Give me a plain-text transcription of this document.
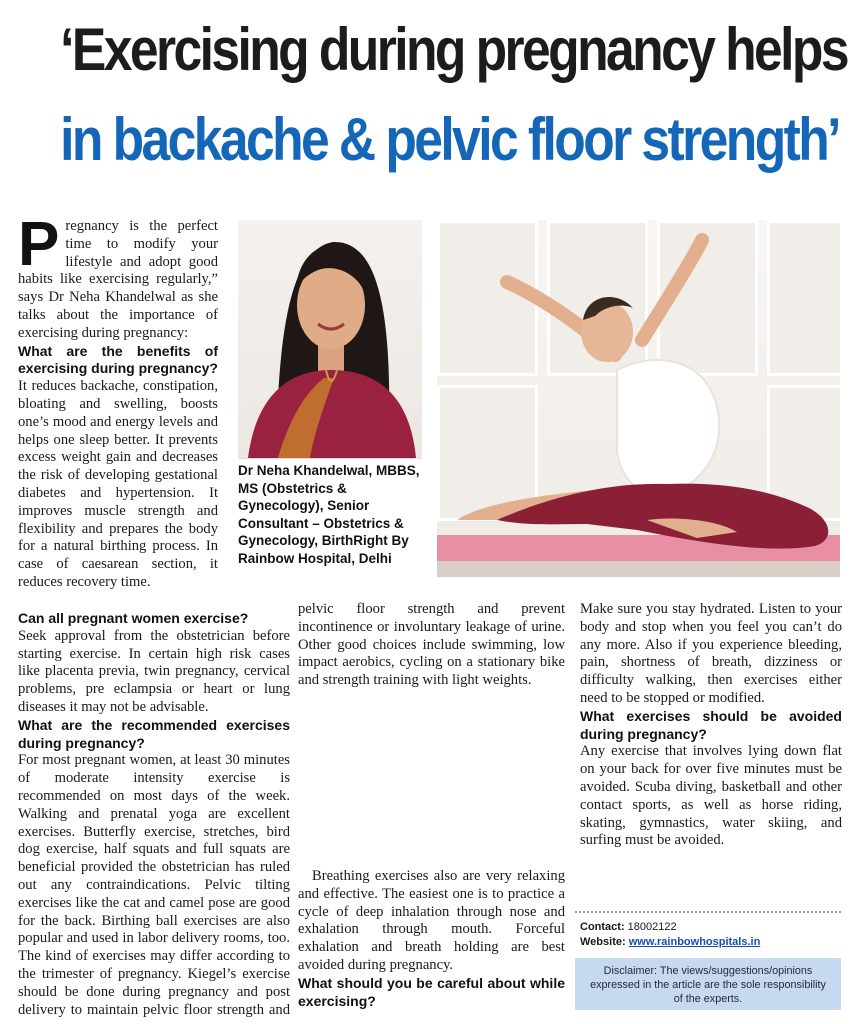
‘Exercising during pregnancy helps
in backache & pelvic floor strength’

Pregnancy is the perfect time to modify your lifestyle and adopt good habits like exercising regularly,” says Dr Neha Khandelwal as she talks about the importance of exercising during pregnancy:

What are the benefits of exercising during pregnancy?

It reduces backache, constipation, bloating and swelling, boosts one’s mood and energy levels and helps one sleep better. It prevents excess weight gain and decreases the risk of developing gestational diabetes and hypertension. It improves muscle strength and flexibility and prepares the body for a natural birthing process. In case of caesarean section, it reduces recovery time.

Dr Neha Khandelwal, MBBS, MS (Obstetrics & Gynecology), Senior Consultant – Obstetrics & Gynecology, BirthRight By Rainbow Hospital, Delhi

Can all pregnant women exercise?

Seek approval from the obstetrician before starting exercise. In certain high risk cases like placenta previa, twin pregnancy, cervical problems, pre eclampsia or heart or lung diseases it may not be advisable.

What are the recommended exercises during pregnancy?

For most pregnant women, at least 30 minutes of moderate intensity exercise is recommended on most days of the week. Walking and prenatal yoga are excellent exercises. Butterfly exercise, stretches, bird dog exercise, half squats and full squats are beneficial provided the obstetrician has ruled out any contraindications. Pelvic tilting exercises like the cat and camel pose are good for the back. Birthing ball exercises are also popular and used in labor delivery rooms, too. The kind of exercises may differ according to the trimester of pregnancy. Kiegel’s exercise should be done during pregnancy and post delivery to maintain pelvic floor strength and

pelvic floor strength and prevent incontinence or involuntary leakage of urine. Other good choices include swimming, low impact aerobics, cycling on a stationary bike and strength training with light weights.

Breathing exercises also are very relaxing and effective. The easiest one is to practice a cycle of deep inhalation through nose and exhalation through mouth. Forceful exhalation and breath holding are best avoided during pregnancy.

What should you be careful about while exercising?

Make sure you stay hydrated. Listen to your body and stop when you feel you can’t do any more. Also if you experience bleeding, pain, shortness of breath, dizziness or difficulty walking, then exercises either need to be stopped or modified.

What exercises should be avoided during pregnancy?

Any exercise that involves lying down flat on your back for over five minutes must be avoided. Scuba diving, basketball and other contact sports, as well as horse riding, skating, gymnastics, water skiing, and surfing must be avoided.

Contact: 18002122
Website: www.rainbowhospitals.in
Disclaimer: The views/suggestions/opinions expressed in the article are the sole responsibility of the experts.
